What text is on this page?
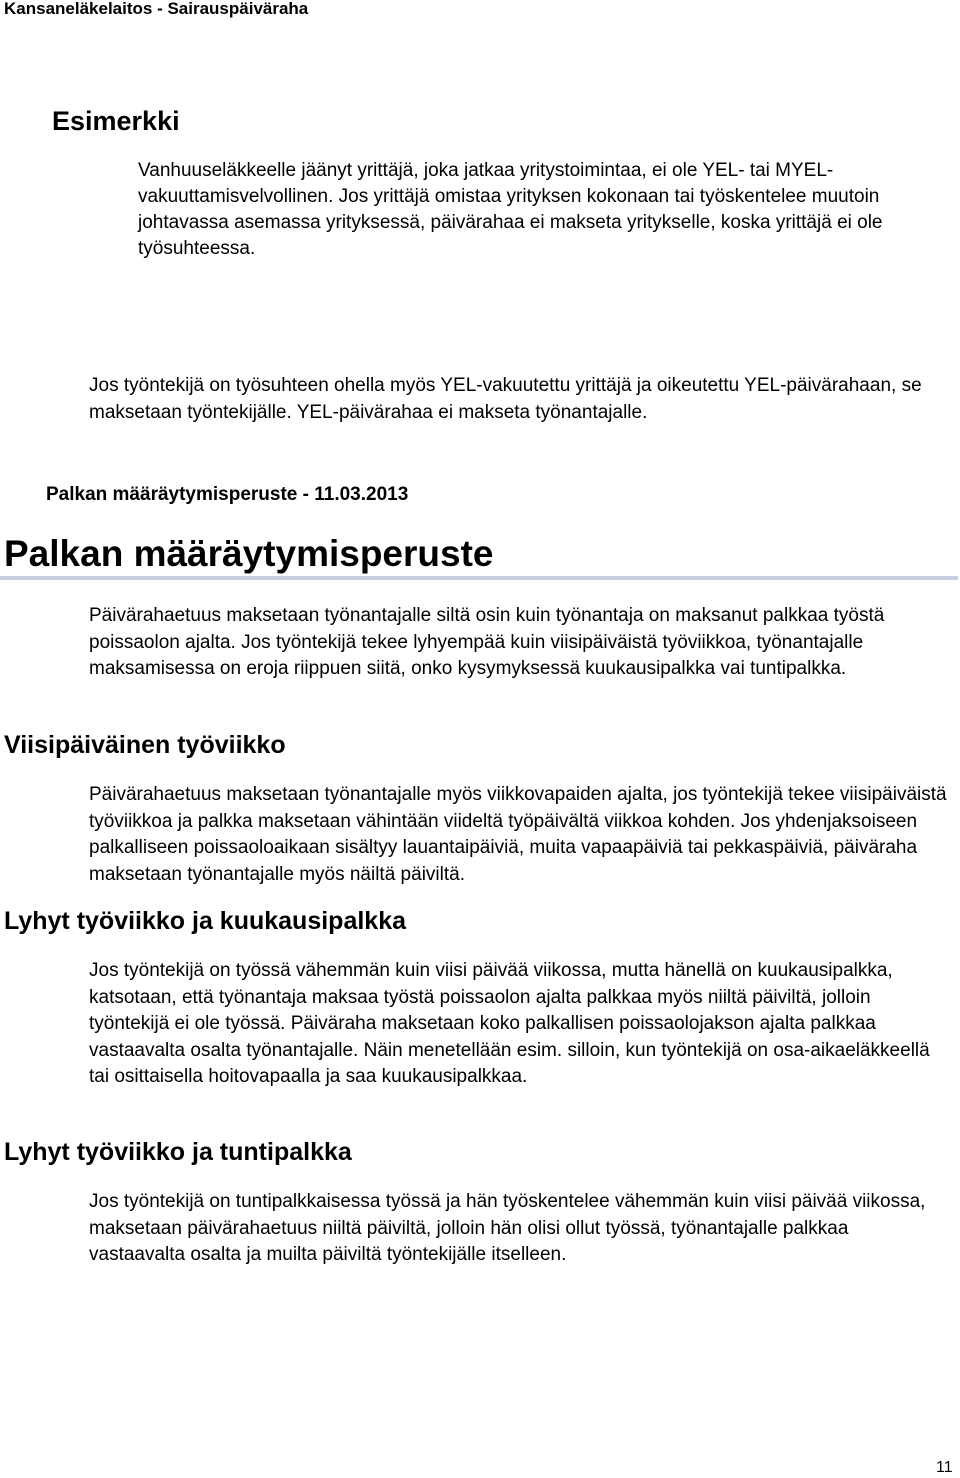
Kansaneläkelaitos - Sairauspäiväraha
Esimerkki

Vanhuuseläkkeelle jäänyt yrittäjä, joka jatkaa yritystoimintaa, ei ole YEL- tai MYEL-vakuuttamisvelvollinen. Jos yrittäjä omistaa yrityksen kokonaan tai työskentelee muutoin johtavassa asemassa yrityksessä, päivärahaa ei makseta yritykselle, koska yrittäjä ei ole työsuhteessa.

Jos työntekijä on työsuhteen ohella myös YEL-vakuutettu yrittäjä ja oikeutettu YEL-päivärahaan, se maksetaan työntekijälle. YEL-päivärahaa ei makseta työnantajalle.

Palkan määräytymisperuste - 11.03.2013
Palkan määräytymisperuste

Päivärahaetuus maksetaan työnantajalle siltä osin kuin työnantaja on maksanut palkkaa työstä poissaolon ajalta. Jos työntekijä tekee lyhyempää kuin viisipäiväistä työviikkoa, työnantajalle maksamisessa on eroja riippuen siitä, onko kysymyksessä kuukausipalkka vai tuntipalkka.

Viisipäiväinen työviikko

Päivärahaetuus maksetaan työnantajalle myös viikkovapaiden ajalta, jos työntekijä tekee viisipäiväistä työviikkoa ja palkka maksetaan vähintään viideltä työpäivältä viikkoa kohden. Jos yhdenjaksoiseen palkalliseen poissaoloaikaan sisältyy lauantaipäiviä, muita vapaapäiviä tai pekkaspäiviä, päiväraha maksetaan työnantajalle myös näiltä päiviltä.

Lyhyt työviikko ja kuukausipalkka

Jos työntekijä on työssä vähemmän kuin viisi päivää viikossa, mutta hänellä on kuukausipalkka, katsotaan, että työnantaja maksaa työstä poissaolon ajalta palkkaa myös niiltä päiviltä, jolloin työntekijä ei ole työssä. Päiväraha maksetaan koko palkallisen poissaolojakson ajalta palkkaa vastaavalta osalta työnantajalle. Näin menetellään esim. silloin, kun työntekijä on osa-aikaeläkkeellä tai osittaisella hoitovapaalla ja saa kuukausipalkkaa.

Lyhyt työviikko ja tuntipalkka

Jos työntekijä on tuntipalkkaisessa työssä ja hän työskentelee vähemmän kuin viisi päivää viikossa, maksetaan päivärahaetuus niiltä päiviltä, jolloin hän olisi ollut työssä, työnantajalle palkkaa vastaavalta osalta ja muilta päiviltä työntekijälle itselleen.

11
